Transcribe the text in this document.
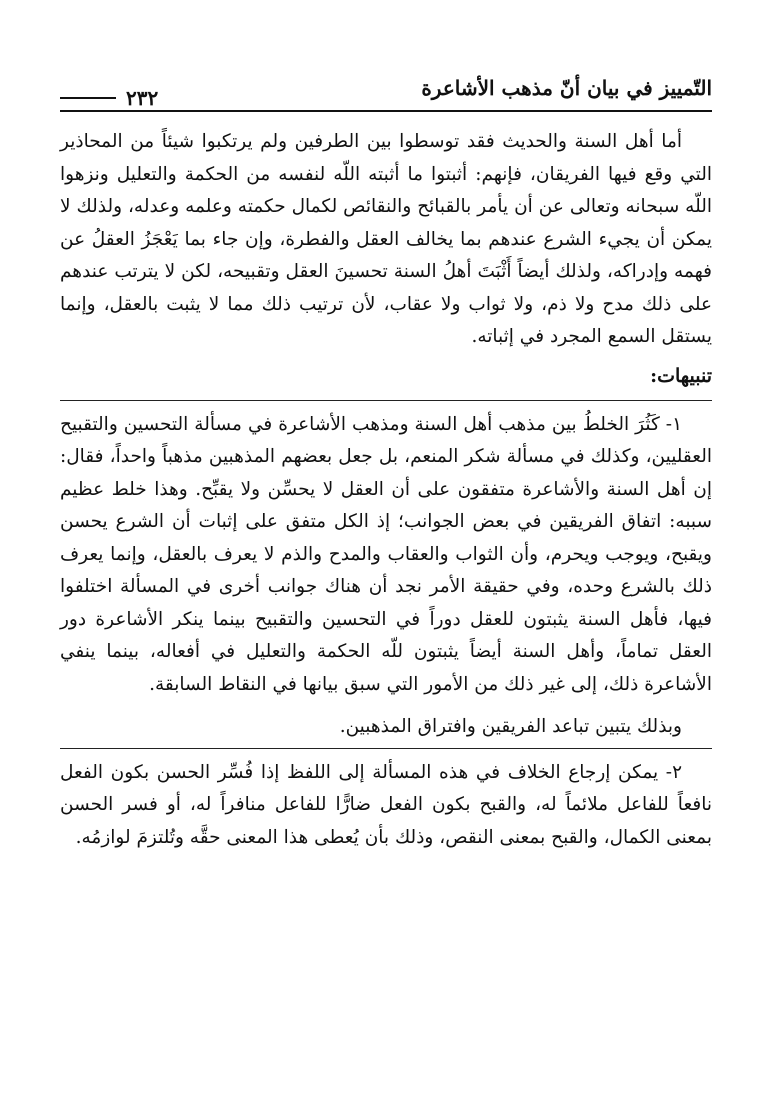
التّمييز في بيان أنّ مذهب الأشاعرة
٢٣٢

أما أهل السنة والحديث فقد توسطوا بين الطرفين ولم يرتكبوا شيئاً من المحاذير التي وقع فيها الفريقان، فإنهم: أثبتوا ما أثبته اللّه لنفسه من الحكمة والتعليل ونزهوا اللّه سبحانه وتعالى عن أن يأمر بالقبائح والنقائص لكمال حكمته وعلمه وعدله، ولذلك لا يمكن أن يجيء الشرع عندهم بما يخالف العقل والفطرة، وإن جاء بما يَعْجَزُ العقلُ عن فهمه وإدراكه، ولذلك أيضاً أَثْبَتَ أهلُ السنة تحسينَ العقل وتقبيحه، لكن لا يترتب عندهم على ذلك مدح ولا ذم، ولا ثواب ولا عقاب، لأن ترتيب ذلك مما لا يثبت بالعقل، وإنما يستقل السمع المجرد في إثباته.

تنبيهات:

١- كَثُرَ الخلطُ بين مذهب أهل السنة ومذهب الأشاعرة في مسألة التحسين والتقبيح العقليين، وكذلك في مسألة شكر المنعم، بل جعل بعضهم المذهبين مذهباً واحداً، فقال: إن أهل السنة والأشاعرة متفقون على أن العقل لا يحسِّن ولا يقبِّح. وهذا خلط عظيم سببه: اتفاق الفريقين في بعض الجوانب؛ إذ الكل متفق على إثبات أن الشرع يحسن ويقبح، ويوجب ويحرم، وأن الثواب والعقاب والمدح والذم لا يعرف بالعقل، وإنما يعرف ذلك بالشرع وحده، وفي حقيقة الأمر نجد أن هناك جوانب أخرى في المسألة اختلفوا فيها، فأهل السنة يثبتون للعقل دوراً في التحسين والتقبيح بينما ينكر الأشاعرة دور العقل تماماً، وأهل السنة أيضاً يثبتون للّه الحكمة والتعليل في أفعاله، بينما ينفي الأشاعرة ذلك، إلى غير ذلك من الأمور التي سبق بيانها في النقاط السابقة.

وبذلك يتبين تباعد الفريقين وافتراق المذهبين.

٢- يمكن إرجاع الخلاف في هذه المسألة إلى اللفظ إذا فُسِّر الحسن بكون الفعل نافعاً للفاعل ملائماً له، والقبح بكون الفعل ضارًّا للفاعل منافراً له، أو فسر الحسن بمعنى الكمال، والقبح بمعنى النقص، وذلك بأن يُعطى هذا المعنى حقَّه وتُلتزمَ لوازمُه.
